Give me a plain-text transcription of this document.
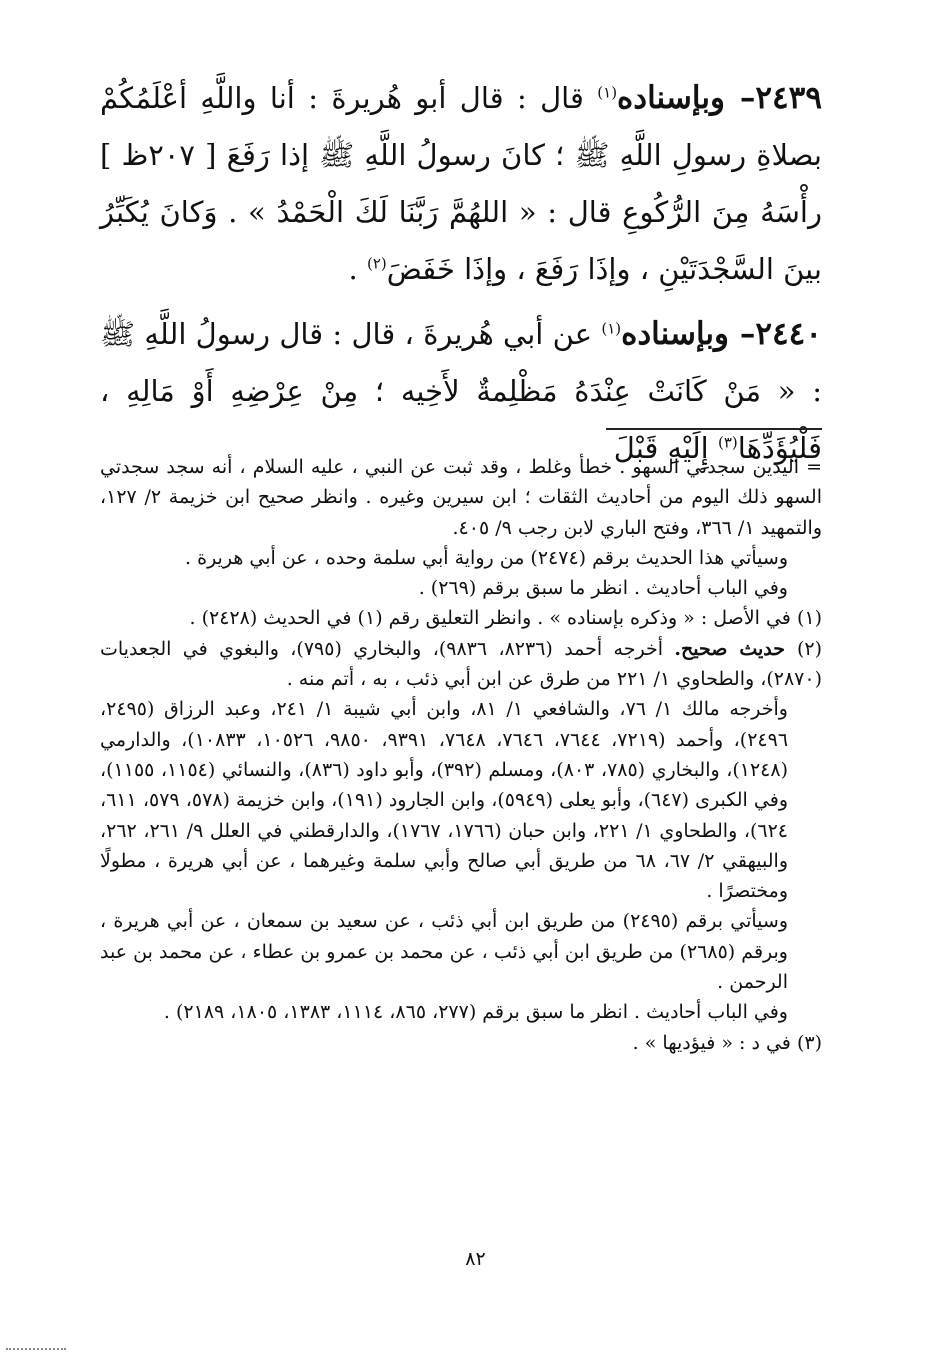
٢٤٣٩– وبإسناده$^{(١)}$ قال : قال أبو هُريرةَ : أنا واللَّهِ أعْلَمُكُمْ بصلاةِ رسولِ اللَّهِ ﷺ ؛ كانَ رسولُ اللَّهِ ﷺ إذا رَفَعَ [ ٢٠٧ظ ] رأْسَهُ مِنَ الرُّكُوعِ قال : « اللهُمَّ رَبَّنَا لَكَ الْحَمْدُ » . وَكانَ يُكَبِّرُ بينَ السَّجْدَتَيْنِ ، وإذَا رَفَعَ ، وإذَا خَفَضَ$^{(٢)}$ .

٢٤٤٠– وبإسناده$^{(١)}$ عن أبي هُريرةَ ، قال : قال رسولُ اللَّهِ ﷺ : « مَنْ كَانَتْ عِنْدَهُ مَظْلِمةٌ لأَخِيه ؛ مِنْ عِرْضِهِ أَوْ مَالِهِ ، فَلْيُؤَدِّهَا$^{(٣)}$ إِلَيْهِ قَبْلَ

= اليدين سجدتي السهو . خطأ وغلط ، وقد ثبت عن النبي ، عليه السلام ، أنه سجد سجدتي السهو ذلك اليوم من أحاديث الثقات ؛ ابن سيرين وغيره . وانظر صحيح ابن خزيمة ٢/ ١٢٧، والتمهيد ١/ ٣٦٦، وفتح الباري لابن رجب ٩/ ٤٠٥.

وسيأتي هذا الحديث برقم (٢٤٧٤) من رواية أبي سلمة وحده ، عن أبي هريرة .

وفي الباب أحاديث . انظر ما سبق برقم (٢٦٩) .

(١) في الأصل : « وذكره بإسناده » . وانظر التعليق رقم (١) في الحديث (٢٤٢٨) .

(٢) حديث صحيح. أخرجه أحمد (٨٢٣٦، ٩٨٣٦)، والبخاري (٧٩٥)، والبغوي في الجعديات (٢٨٧٠)، والطحاوي ١/ ٢٢١ من طرق عن ابن أبي ذئب ، به ، أتم منه .

وأخرجه مالك ١/ ٧٦، والشافعي ١/ ٨١، وابن أبي شيبة ١/ ٢٤١، وعبد الرزاق (٢٤٩٥، ٢٤٩٦)، وأحمد (٧٢١٩، ٧٦٤٤، ٧٦٤٦، ٧٦٤٨، ٩٣٩١، ٩٨٥٠، ١٠٥٢٦، ١٠٨٣٣)، والدارمي (١٢٤٨)، والبخاري (٧٨٥، ٨٠٣)، ومسلم (٣٩٢)، وأبو داود (٨٣٦)، والنسائي (١١٥٤، ١١٥٥)، وفي الكبرى (٦٤٧)، وأبو يعلى (٥٩٤٩)، وابن الجارود (١٩١)، وابن خزيمة (٥٧٨، ٥٧٩، ٦١١، ٦٢٤)، والطحاوي ١/ ٢٢١، وابن حبان (١٧٦٦، ١٧٦٧)، والدارقطني في العلل ٩/ ٢٦١، ٢٦٢، والبيهقي ٢/ ٦٧، ٦٨ من طريق أبي صالح وأبي سلمة وغيرهما ، عن أبي هريرة ، مطولًا ومختصرًا .

وسيأتي برقم (٢٤٩٥) من طريق ابن أبي ذئب ، عن سعيد بن سمعان ، عن أبي هريرة ، وبرقم (٢٦٨٥) من طريق ابن أبي ذئب ، عن محمد بن عمرو بن عطاء ، عن محمد بن عبد الرحمن .

وفي الباب أحاديث . انظر ما سبق برقم (٢٧٧، ٨٦٥، ١١١٤، ١٣٨٣، ١٨٠٥، ٢١٨٩) .

(٣) في د : « فيؤديها » .

٨٢
